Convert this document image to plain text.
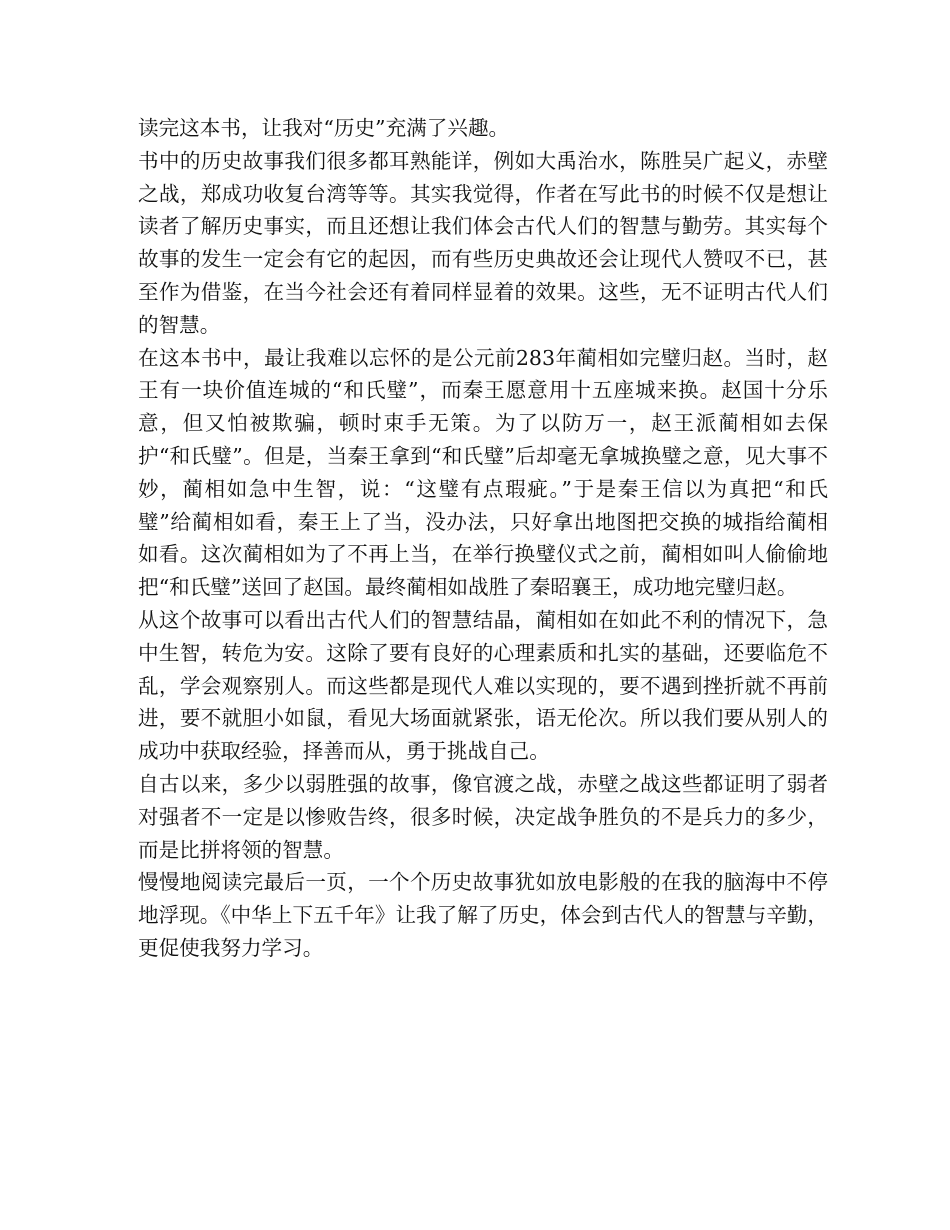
读完这本书，让我对“历史”充满了兴趣。

书中的历史故事我们很多都耳熟能详，例如大禹治水，陈胜吴广起义，赤壁之战，郑成功收复台湾等等。其实我觉得，作者在写此书的时候不仅是想让读者了解历史事实，而且还想让我们体会古代人们的智慧与勤劳。其实每个故事的发生一定会有它的起因，而有些历史典故还会让现代人赞叹不已，甚至作为借鉴，在当今社会还有着同样显着的效果。这些，无不证明古代人们的智慧。

在这本书中，最让我难以忘怀的是公元前283年蔺相如完璧归赵。当时，赵王有一块价值连城的“和氏璧”，而秦王愿意用十五座城来换。赵国十分乐意，但又怕被欺骗，顿时束手无策。为了以防万一，赵王派蔺相如去保护“和氏璧”。但是，当秦王拿到“和氏璧”后却毫无拿城换璧之意，见大事不妙，蔺相如急中生智，说：“这璧有点瑕疵。”于是秦王信以为真把“和氏璧”给蔺相如看，秦王上了当，没办法，只好拿出地图把交换的城指给蔺相如看。这次蔺相如为了不再上当，在举行换璧仪式之前，蔺相如叫人偷偷地把“和氏璧”送回了赵国。最终蔺相如战胜了秦昭襄王，成功地完璧归赵。

从这个故事可以看出古代人们的智慧结晶，蔺相如在如此不利的情况下，急中生智，转危为安。这除了要有良好的心理素质和扎实的基础，还要临危不乱，学会观察别人。而这些都是现代人难以实现的，要不遇到挫折就不再前进，要不就胆小如鼠，看见大场面就紧张，语无伦次。所以我们要从别人的成功中获取经验，择善而从，勇于挑战自己。

自古以来，多少以弱胜强的故事，像官渡之战，赤壁之战这些都证明了弱者对强者不一定是以惨败告终，很多时候，决定战争胜负的不是兵力的多少，而是比拼将领的智慧。

慢慢地阅读完最后一页，一个个历史故事犹如放电影般的在我的脑海中不停地浮现。《中华上下五千年》让我了解了历史，体会到古代人的智慧与辛勤，更促使我努力学习。
